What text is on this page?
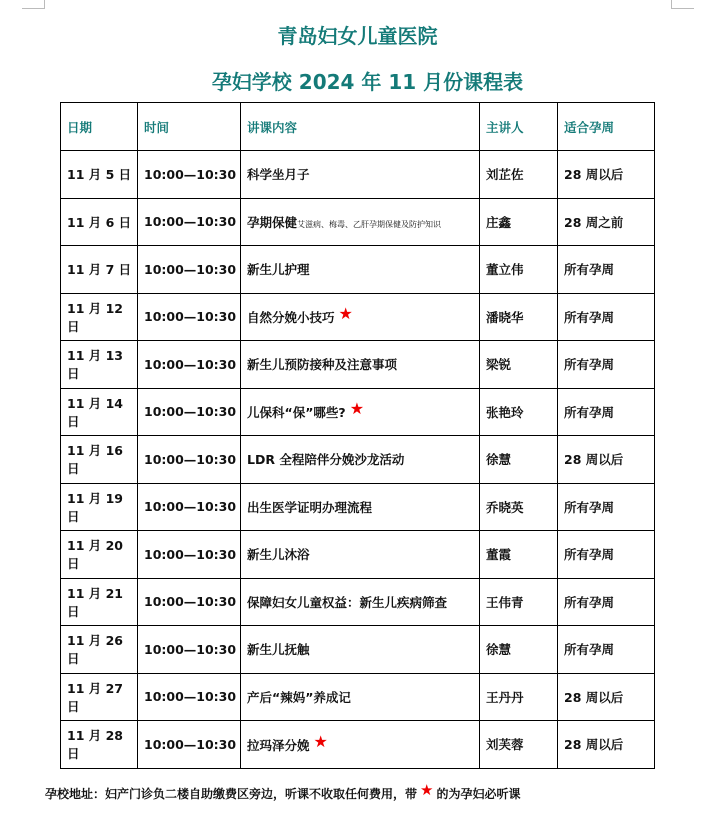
青岛妇女儿童医院
孕妇学校 2024 年 11 月份课程表
日期	时间	讲课内容	主讲人	适合孕周
11 月 5 日	10:00—10:30	科学坐月子	刘芷佐	28 周以后
11 月 6 日	10:00—10:30	孕期保健艾滋病、梅毒、乙肝孕期保健及防护知识	庄鑫	28 周之前
11 月 7 日	10:00—10:30	新生儿护理	董立伟	所有孕周
11 月 12 日	10:00—10:30	自然分娩小技巧 ★	潘晓华	所有孕周
11 月 13 日	10:00—10:30	新生儿预防接种及注意事项	梁锐	所有孕周
11 月 14 日	10:00—10:30	儿保科“保”哪些? ★	张艳玲	所有孕周
11 月 16 日	10:00—10:30	LDR 全程陪伴分娩沙龙活动	徐慧	28 周以后
11 月 19 日	10:00—10:30	出生医学证明办理流程	乔晓英	所有孕周
11 月 20 日	10:00—10:30	新生儿沐浴	董霞	所有孕周
11 月 21 日	10:00—10:30	保障妇女儿童权益：新生儿疾病筛查	王伟青	所有孕周
11 月 26 日	10:00—10:30	新生儿抚触	徐慧	所有孕周
11 月 27 日	10:00—10:30	产后“辣妈”养成记	王丹丹	28 周以后
11 月 28 日	10:00—10:30	拉玛泽分娩 ★	刘芙蓉	28 周以后
孕校地址：妇产门诊负二楼自助缴费区旁边，听课不收取任何费用，带 ★ 的为孕妇必听课
